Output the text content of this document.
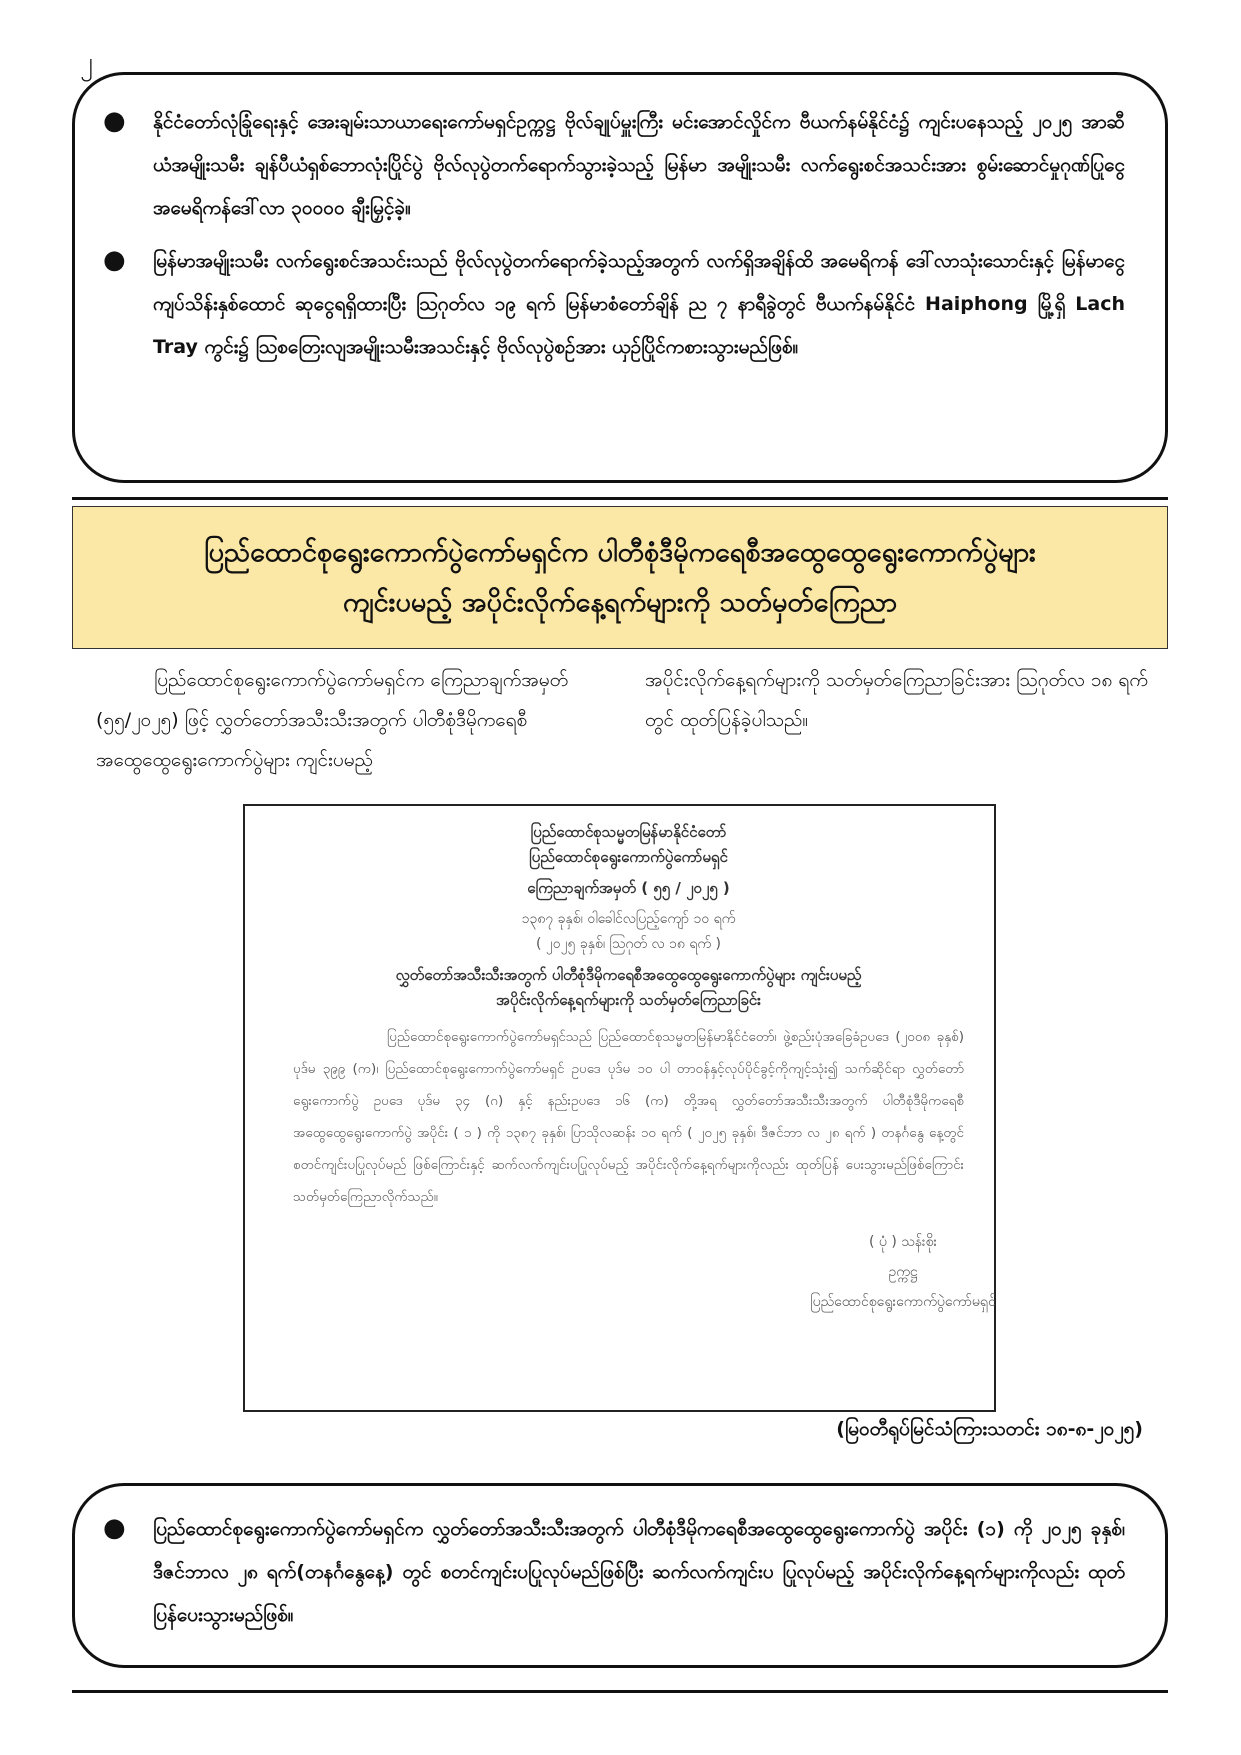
၂
●	နိုင်ငံတော်လုံခြုံရေးနှင့် အေးချမ်းသာယာရေးကော်မရှင်ဥက္ကဋ္ဌ ဗိုလ်ချုပ်မှူးကြီး မင်းအောင်လှိုင်က ဗီယက်နမ်နိုင်ငံ၌ ကျင်းပနေသည့် ၂၀၂၅ အာဆီယံအမျိုးသမီး ချန်ပီယံရှစ်ဘောလုံးပြိုင်ပွဲ ဗိုလ်လုပွဲတက်ရောက်သွားခဲ့သည့် မြန်မာ အမျိုးသမီး လက်ရွေးစင်အသင်းအား စွမ်းဆောင်မှုဂုဏ်ပြုငွေ အမေရိကန်ဒေါ်လာ ၃၀၀၀၀ ချီးမြှင့်ခဲ့။
●	မြန်မာအမျိုးသမီး လက်ရွေးစင်အသင်းသည် ဗိုလ်လုပွဲတက်ရောက်ခဲ့သည့်အတွက် လက်ရှိအချိန်ထိ အမေရိကန် ဒေါ်လာသုံးသောင်းနှင့် မြန်မာငွေကျပ်သိန်းနှစ်ထောင် ဆုငွေရရှိထားပြီး ဩဂုတ်လ ၁၉ ရက် မြန်မာစံတော်ချိန် ည ၇ နာရီခွဲတွင် ဗီယက်နမ်နိုင်ငံ Haiphong မြို့ရှိ Lach Tray ကွင်း၌ ဩစတြေးလျအမျိုးသမီးအသင်းနှင့် ဗိုလ်လုပွဲစဉ်အား ယှဉ်ပြိုင်ကစားသွားမည်ဖြစ်။
ပြည်ထောင်စုရွေးကောက်ပွဲကော်မရှင်က ပါတီစုံဒီမိုကရေစီအထွေထွေရွေးကောက်ပွဲများ
ကျင်းပမည့် အပိုင်းလိုက်နေ့ရက်များကို သတ်မှတ်ကြေညာ
ပြည်ထောင်စုရွေးကောက်ပွဲကော်မရှင်က ကြေညာချက်အမှတ် (၅၅/၂၀၂၅) ဖြင့် လွှတ်တော်အသီးသီးအတွက် ပါတီစုံဒီမိုကရေစီအထွေထွေရွေးကောက်ပွဲများ ကျင်းပမည့်
အပိုင်းလိုက်နေ့ရက်များကို သတ်မှတ်ကြေညာခြင်းအား ဩဂုတ်လ ၁၈ ရက်တွင် ထုတ်ပြန်ခဲ့ပါသည်။
ပြည်ထောင်စုသမ္မတမြန်မာနိုင်ငံတော်
ပြည်ထောင်စုရွေးကောက်ပွဲကော်မရှင်
ကြေညာချက်အမှတ် ( ၅၅ / ၂၀၂၅ )
၁၃၈၇ ခုနှစ်၊ ဝါခေါင်လပြည့်ကျော် ၁၀ ရက်
( ၂၀၂၅ ခုနှစ်၊ ဩဂုတ် လ ၁၈ ရက် )
လွှတ်တော်အသီးသီးအတွက် ပါတီစုံဒီမိုကရေစီအထွေထွေရွေးကောက်ပွဲများ ကျင်းပမည့်
အပိုင်းလိုက်နေ့ရက်များကို သတ်မှတ်ကြေညာခြင်း
ပြည်ထောင်စုရွေးကောက်ပွဲကော်မရှင်သည် ပြည်ထောင်စုသမ္မတမြန်မာနိုင်ငံတော်၊ ဖွဲ့စည်းပုံအခြေခံဥပဒေ (၂၀၀၈ ခုနှစ်) ပုဒ်မ ၃၉၉ (က)၊ ပြည်ထောင်စုရွေးကောက်ပွဲကော်မရှင် ဥပဒေ ပုဒ်မ ၁၀ ပါ တာဝန်နှင့်လုပ်ပိုင်ခွင့်ကိုကျင့်သုံး၍ သက်ဆိုင်ရာ လွှတ်တော်ရွေးကောက်ပွဲ ဥပဒေ ပုဒ်မ ၃၄ (ဂ) နှင့် နည်းဥပဒေ ၁၆ (က) တို့အရ လွှတ်တော်အသီးသီးအတွက် ပါတီစုံဒီမိုကရေစီအထွေထွေရွေးကောက်ပွဲ အပိုင်း ( ၁ ) ကို ၁၃၈၇ ခုနှစ်၊ ပြာသိုလဆန်း ၁၀ ရက် ( ၂၀၂၅ ခုနှစ်၊ ဒီဇင်ဘာ လ ၂၈ ရက် ) တနင်္ဂနွေ နေ့တွင် စတင်ကျင်းပပြုလုပ်မည် ဖြစ်ကြောင်းနှင့် ဆက်လက်ကျင်းပပြုလုပ်မည့် အပိုင်းလိုက်နေ့ရက်များကိုလည်း ထုတ်ပြန် ပေးသွားမည်ဖြစ်ကြောင်း သတ်မှတ်ကြေညာလိုက်သည်။
( ပုံ ) သန်းစိုး
ဥက္ကဋ္ဌ
ပြည်ထောင်စုရွေးကောက်ပွဲကော်မရှင်
(မြဝတီရုပ်မြင်သံကြားသတင်း ၁၈-၈-၂၀၂၅)
●	ပြည်ထောင်စုရွေးကောက်ပွဲကော်မရှင်က လွှတ်တော်အသီးသီးအတွက် ပါတီစုံဒီမိုကရေစီအထွေထွေရွေးကောက်ပွဲ အပိုင်း (၁) ကို ၂၀၂၅ ခုနှစ်၊ ဒီဇင်ဘာလ ၂၈ ရက်(တနင်္ဂနွေနေ့) တွင် စတင်ကျင်းပပြုလုပ်မည်ဖြစ်ပြီး ဆက်လက်ကျင်းပ ပြုလုပ်မည့် အပိုင်းလိုက်နေ့ရက်များကိုလည်း ထုတ်ပြန်ပေးသွားမည်ဖြစ်။
